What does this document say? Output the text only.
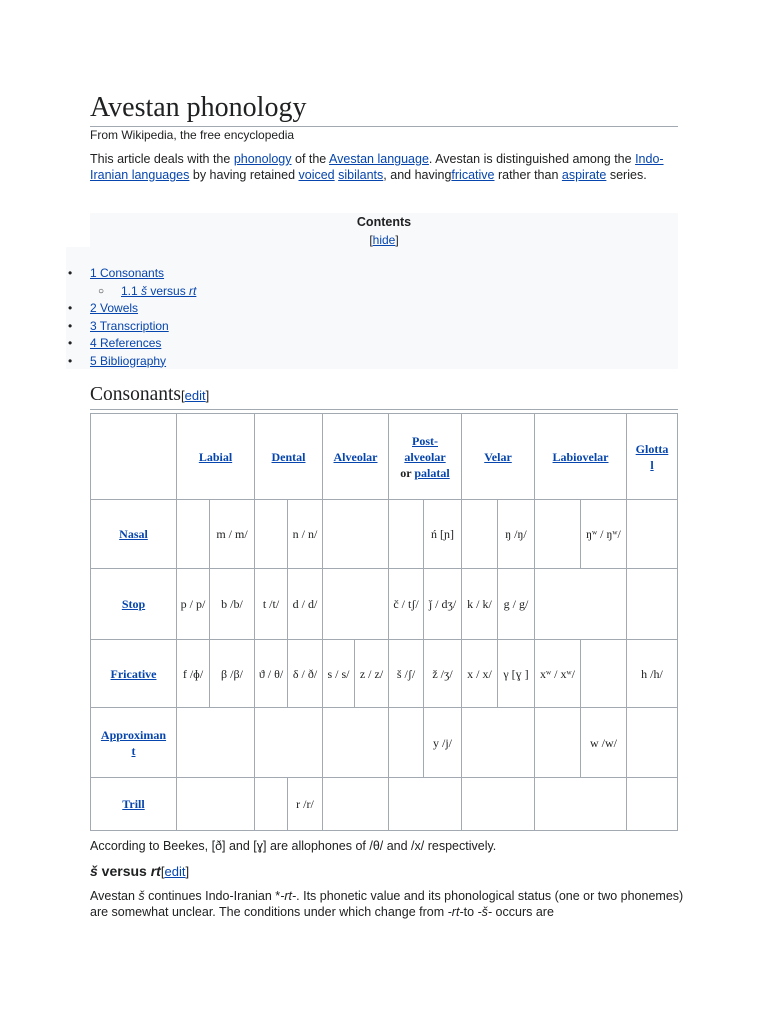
Avestan phonology
From Wikipedia, the free encyclopedia
This article deals with the phonology of the Avestan language. Avestan is distinguished among the Indo-Iranian languages by having retained voiced sibilants, and havingfricative rather than aspirate series.
Contents
[hide]
• 1 Consonants
○ 1.1 š versus rt
• 2 Vowels
• 3 Transcription
• 4 References
• 5 Bibliography
Consonants[edit]
	Labial		Dental		Alveolar		Post-
alveolar
or palatal		Velar		Labiovelar		Glotta
l
Nasal		m / m/		n / n/				ń [ɲ]		ŋ /ŋ/		ŋʷ / ŋʷ/	
Stop	p / p/	b /b/	t /t/	d / d/			č / tʃ/	ǰ / dʒ/	k / k/	g / g/			
Fricative	f /ɸ/	β /β/	ϑ / θ/	δ / ð/	s / s/	z / z/	š /ʃ/	ž /ʒ/	x / x/	γ [ɣ ]	xʷ / xʷ/		h /h/
Approximan
t								y /j/				w /w/	
Trill				r /r/									
According to Beekes, [ð] and [ɣ] are allophones of /θ/ and /x/ respectively.
š versus rt[edit]
Avestan š continues Indo-Iranian *-rt-. Its phonetic value and its phonological status (one or two phonemes) are somewhat unclear. The conditions under which change from -rt-to -š- occurs are
